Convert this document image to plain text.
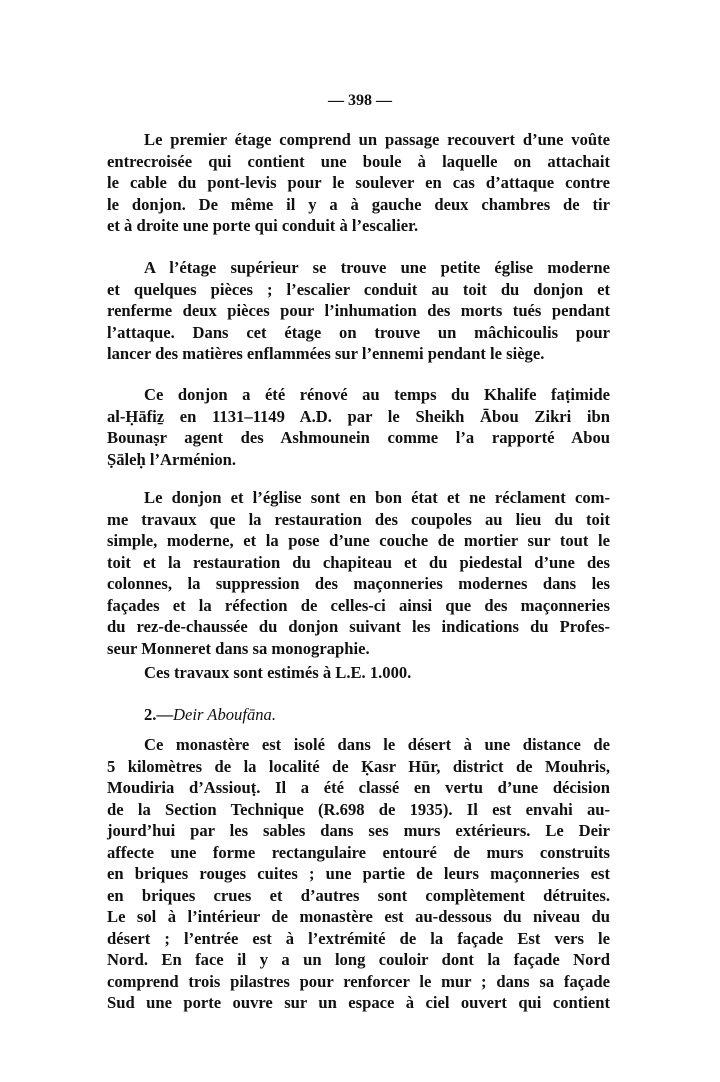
— 398 —
Le premier étage comprend un passage recouvert d’une voûte
entrecroisée qui contient une boule à laquelle on attachait
le cable du pont-levis pour le soulever en cas d’attaque contre
le donjon. De même il y a à gauche deux chambres de tir
et à droite une porte qui conduit à l’escalier.
A l’étage supérieur se trouve une petite église moderne
et quelques pièces ; l’escalier conduit au toit du donjon et
renferme deux pièces pour l’inhumation des morts tués pendant
l’attaque. Dans cet étage on trouve un mâchicoulis pour
lancer des matières enflammées sur l’ennemi pendant le siège.
Ce donjon a été rénové au temps du Khalife faṭimide
al-Ḥāfiẕ en 1131–1149 A.D. par le Sheikh Ābou Zikri ibn
Bounaṣr agent des Ashmounein comme l’a rapporté Abou
Ṣāleḥ l’Arménion.
Le donjon et l’église sont en bon état et ne réclament com-
me travaux que la restauration des coupoles au lieu du toit
simple, moderne, et la pose d’une couche de mortier sur tout le
toit et la restauration du chapiteau et du piedestal d’une des
colonnes, la suppression des maçonneries modernes dans les
façades et la réfection de celles-ci ainsi que des maçonneries
du rez-de-chaussée du donjon suivant les indications du Profes-
seur Monneret dans sa monographie.
Ces travaux sont estimés à L.E. 1.000.
2.—Deir Aboufāna.
Ce monastère est isolé dans le désert à une distance de
5 kilomètres de la localité de Ḳasr Hūr, district de Mouhris,
Moudiria d’Assiouṭ. Il a été classé en vertu d’une décision
de la Section Technique (R.698 de 1935). Il est envahi au-
jourd’hui par les sables dans ses murs extérieurs. Le Deir
affecte une forme rectangulaire entouré de murs construits
en briques rouges cuites ; une partie de leurs maçonneries est
en briques crues et d’autres sont complètement détruites.
Le sol à l’intérieur de monastère est au-dessous du niveau du
désert ; l’entrée est à l’extrémité de la façade Est vers le
Nord. En face il y a un long couloir dont la façade Nord
comprend trois pilastres pour renforcer le mur ; dans sa façade
Sud une porte ouvre sur un espace à ciel ouvert qui contient
